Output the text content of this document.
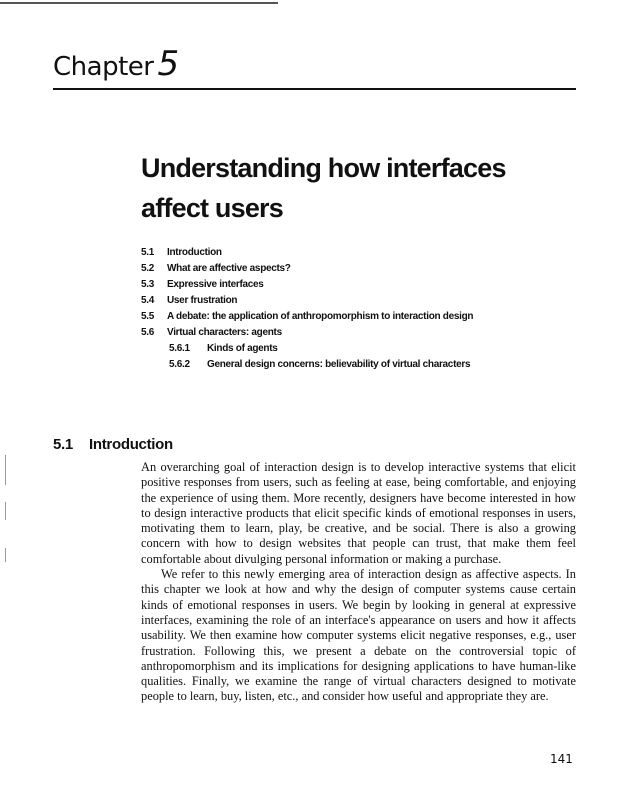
Chapter 5
Understanding how interfaces affect users
5.1 Introduction
5.2 What are affective aspects?
5.3 Expressive interfaces
5.4 User frustration
5.5 A debate: the application of anthropomorphism to interaction design
5.6 Virtual characters: agents
5.6.1 Kinds of agents
5.6.2 General design concerns: believability of virtual characters
5.1 Introduction

An overarching goal of interaction design is to develop interactive systems that elicit positive responses from users, such as feeling at ease, being comfortable, and enjoying the experience of using them. More recently, designers have become interested in how to design interactive products that elicit specific kinds of emotional responses in users, motivating them to learn, play, be creative, and be social. There is also a growing concern with how to design websites that people can trust, that make them feel comfortable about divulging personal information or making a purchase.

We refer to this newly emerging area of interaction design as affective aspects. In this chapter we look at how and why the design of computer systems cause certain kinds of emotional responses in users. We begin by looking in general at expressive interfaces, examining the role of an interface's appearance on users and how it affects usability. We then examine how computer systems elicit negative responses, e.g., user frustration. Following this, we present a debate on the controversial topic of anthropomorphism and its implications for designing applications to have human-like qualities. Finally, we examine the range of virtual characters designed to motivate people to learn, buy, listen, etc., and consider how useful and appropriate they are.

141
